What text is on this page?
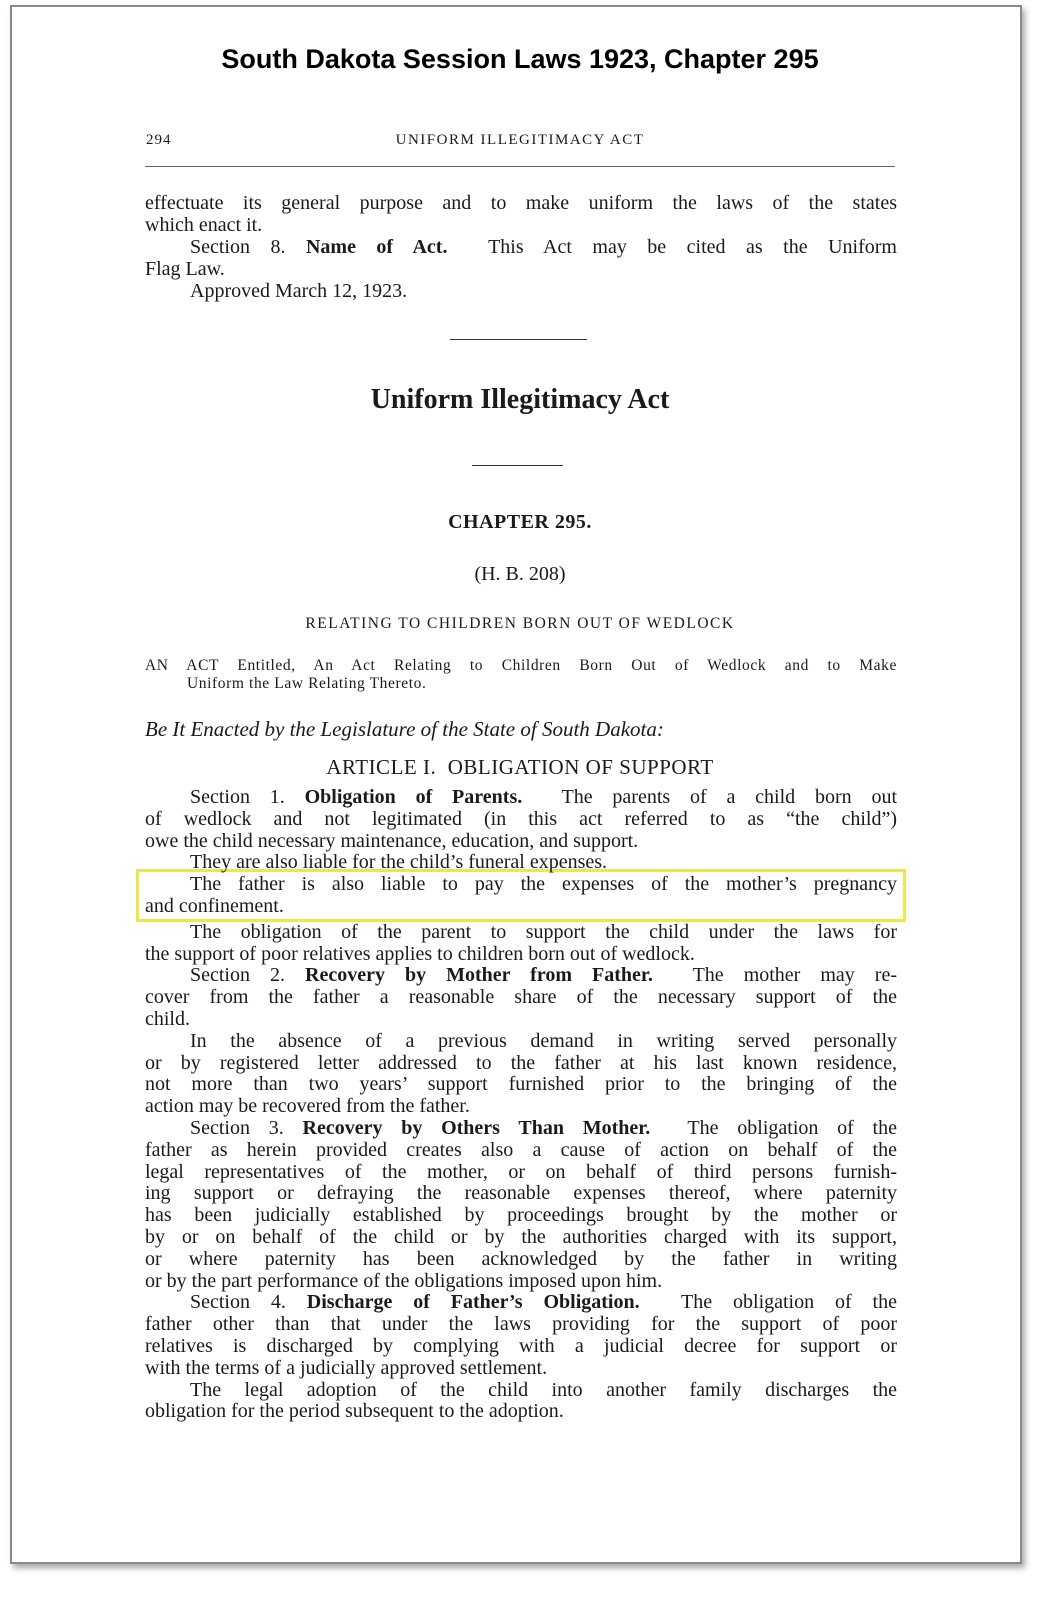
South Dakota Session Laws 1923, Chapter 295
294	UNIFORM ILLEGITIMACY ACT
effectuate its general purpose and to make uniform the laws of the states
which enact it.
Section 8. Name of Act.  This Act may be cited as the Uniform
Flag Law.
Approved March 12, 1923.
Uniform Illegitimacy Act
CHAPTER 295.
(H. B. 208)
RELATING TO CHILDREN BORN OUT OF WEDLOCK
AN ACT Entitled, An Act Relating to Children Born Out of Wedlock and to Make
Uniform the Law Relating Thereto.
Be It Enacted by the Legislature of the State of South Dakota:
ARTICLE I.  OBLIGATION OF SUPPORT
Section 1. Obligation of Parents.  The parents of a child born out
of wedlock and not legitimated (in this act referred to as “the child”)
owe the child necessary maintenance, education, and support.
They are also liable for the child’s funeral expenses.
The father is also liable to pay the expenses of the mother’s pregnancy
and confinement.
The obligation of the parent to support the child under the laws for
the support of poor relatives applies to children born out of wedlock.
Section 2. Recovery by Mother from Father.  The mother may re-
cover from the father a reasonable share of the necessary support of the
child.
In the absence of a previous demand in writing served personally
or by registered letter addressed to the father at his last known residence,
not more than two years’ support furnished prior to the bringing of the
action may be recovered from the father.
Section 3. Recovery by Others Than Mother.  The obligation of the
father as herein provided creates also a cause of action on behalf of the
legal representatives of the mother, or on behalf of third persons furnish-
ing support or defraying the reasonable expenses thereof, where paternity
has been judicially established by proceedings brought by the mother or
by or on behalf of the child or by the authorities charged with its support,
or where paternity has been acknowledged by the father in writing
or by the part performance of the obligations imposed upon him.
Section 4. Discharge of Father’s Obligation.  The obligation of the
father other than that under the laws providing for the support of poor
relatives is discharged by complying with a judicial decree for support or
with the terms of a judicially approved settlement.
The legal adoption of the child into another family discharges the
obligation for the period subsequent to the adoption.
